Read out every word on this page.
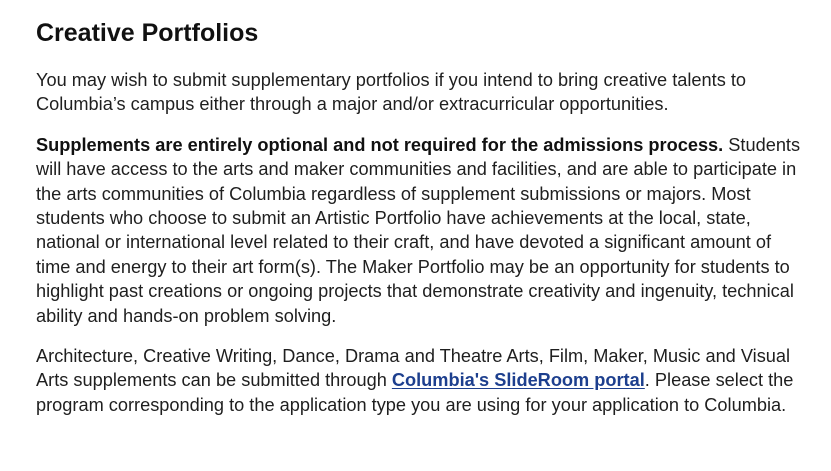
Creative Portfolios

You may wish to submit supplementary portfolios if you intend to bring creative talents to Columbia’s campus either through a major and/or extracurricular opportunities.

Supplements are entirely optional and not required for the admissions process. Students will have access to the arts and maker communities and facilities, and are able to participate in the arts communities of Columbia regardless of supplement submissions or majors. Most students who choose to submit an Artistic Portfolio have achievements at the local, state, national or international level related to their craft, and have devoted a significant amount of time and energy to their art form(s). The Maker Portfolio may be an opportunity for students to highlight past creations or ongoing projects that demonstrate creativity and ingenuity, technical ability and hands-on problem solving.

Architecture, Creative Writing, Dance, Drama and Theatre Arts, Film, Maker, Music and Visual Arts supplements can be submitted through Columbia's SlideRoom portal. Please select the program corresponding to the application type you are using for your application to Columbia.
